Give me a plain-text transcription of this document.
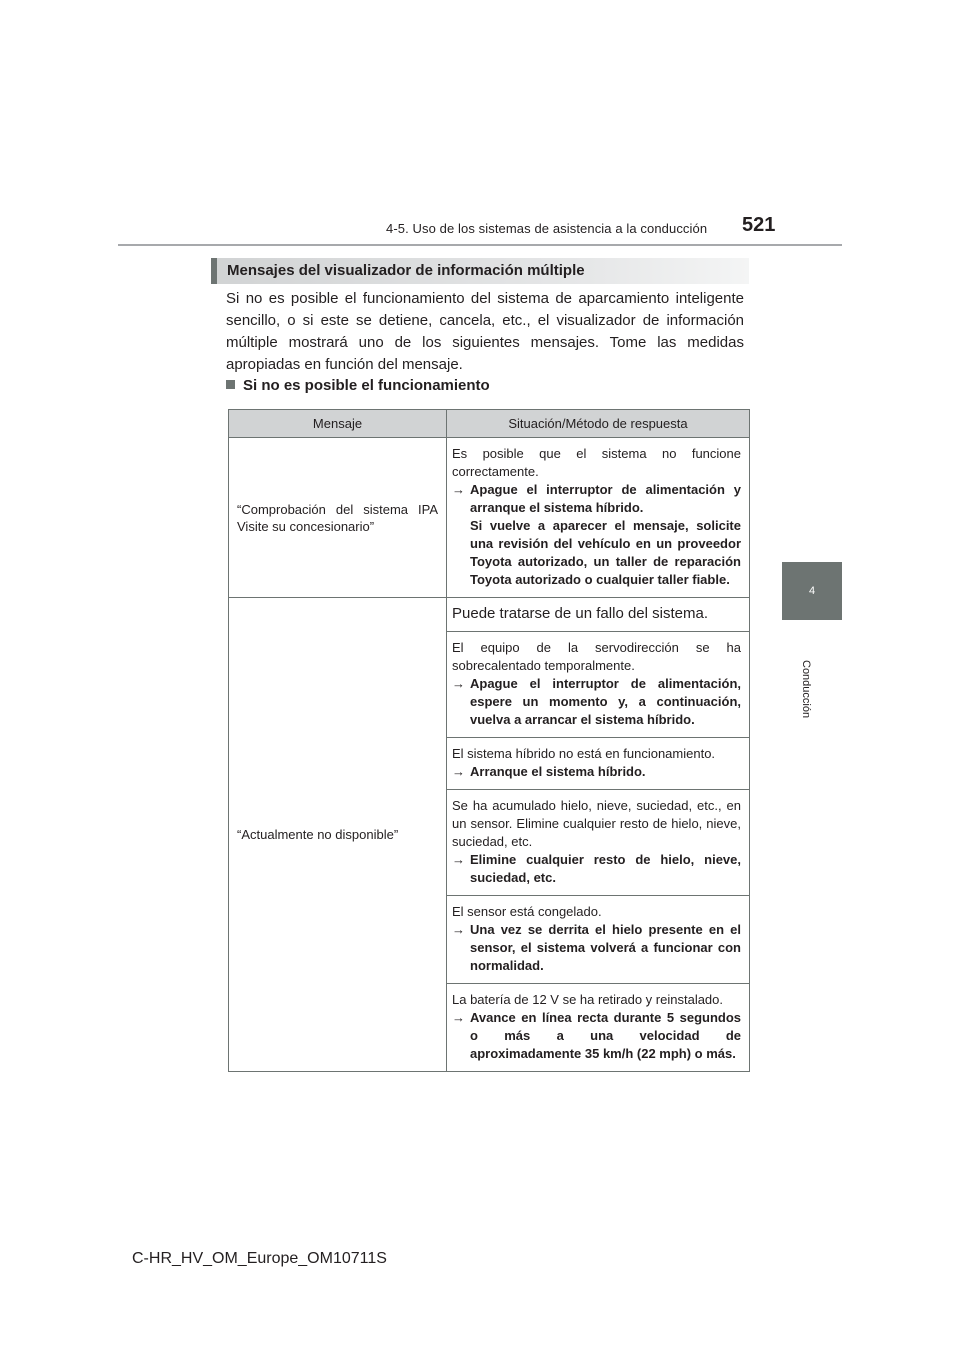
4-5. Uso de los sistemas de asistencia a la conducción 521
4
Conducción
Mensajes del visualizador de información múltiple
Si no es posible el funcionamiento del sistema de aparcamiento inteligente sencillo, o si este se detiene, cancela, etc., el visualizador de información múltiple mostrará uno de los siguientes mensajes. Tome las medidas apropiadas en función del mensaje.
Si no es posible el funcionamiento
Mensaje	Situación/Método de respuesta
“Comprobación del sistema IPA Visite su concesionario”	Es posible que el sistema no funcione correctamente.
→ Apague el interruptor de alimentación y arranque el sistema híbrido.
Si vuelve a aparecer el mensaje, solicite una revisión del vehículo en un proveedor Toyota autorizado, un taller de reparación Toyota autorizado o cualquier taller fiable.

“Actualmente no disponible”	Puede tratarse de un fallo del sistema.

	El equipo de la servodirección se ha sobrecalentado temporalmente.
→ Apague el interruptor de alimentación, espere un momento y, a continuación, vuelva a arrancar el sistema híbrido.

	El sistema híbrido no está en funcionamiento.
→ Arranque el sistema híbrido.

	Se ha acumulado hielo, nieve, suciedad, etc., en un sensor. Elimine cualquier resto de hielo, nieve, suciedad, etc.
→ Elimine cualquier resto de hielo, nieve, suciedad, etc.

	El sensor está congelado.
→ Una vez se derrita el hielo presente en el sensor, el sistema volverá a funcionar con normalidad.

	La batería de 12 V se ha retirado y reinstalado.
→ Avance en línea recta durante 5 segundos o más a una velocidad de aproximadamente 35 km/h (22 mph) o más.
C-HR_HV_OM_Europe_OM10711S
